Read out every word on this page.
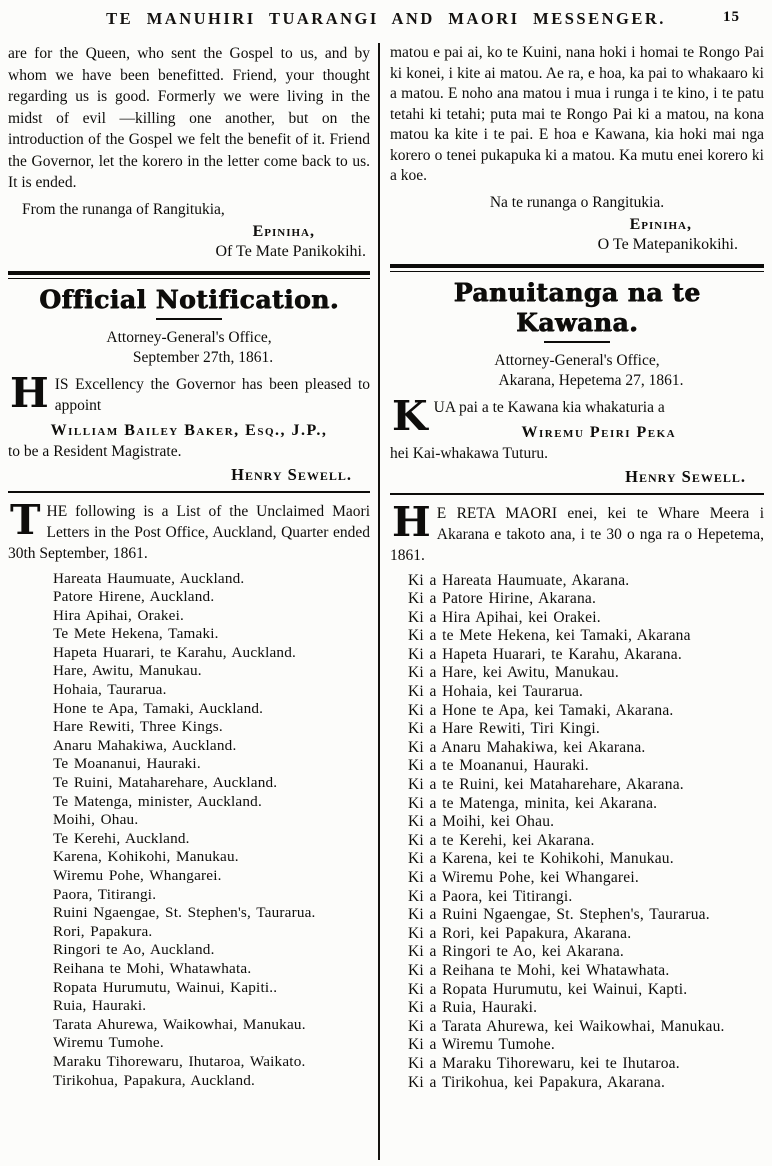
TE MANUHIRI TUARANGI AND MAORI MESSENGER.	15

are for the Queen, who sent the Gospel to us, and by whom we have been benefitted. Friend, your thought regarding us is good. Formerly we were living in the midst of evil —killing one another, but on the introduction of the Gospel we felt the benefit of it. Friend the Governor, let the korero in the letter come back to us. It is ended.

From the runanga of Rangitukia,

Epiniha,

Of Te Mate Panikokihi.

Official Notification.

Attorney-General's Office,

September 27th, 1861.

HIS Excellency the Governor has been pleased to appoint

William Bailey Baker, Esq., J.P.,

to be a Resident Magistrate.

Henry Sewell.

THE following is a List of the Unclaimed Maori Letters in the Post Office, Auckland, Quarter ended 30th September, 1861.

Hareata Haumuate, Auckland.
Patore Hirene, Auckland.
Hira Apihai, Orakei.
Te Mete Hekena, Tamaki.
Hapeta Huarari, te Karahu, Auckland.
Hare, Awitu, Manukau.
Hohaia, Taurarua.
Hone te Apa, Tamaki, Auckland.
Hare Rewiti, Three Kings.
Anaru Mahakiwa, Auckland.
Te Moananui, Hauraki.
Te Ruini, Mataharehare, Auckland.
Te Matenga, minister, Auckland.
Moihi, Ohau.
Te Kerehi, Auckland.
Karena, Kohikohi, Manukau.
Wiremu Pohe, Whangarei.
Paora, Titirangi.
Ruini Ngaengae, St. Stephen's, Taurarua.
Rori, Papakura.
Ringori te Ao, Auckland.
Reihana te Mohi, Whatawhata.
Ropata Hurumutu, Wainui, Kapiti..
Ruia, Hauraki.
Tarata Ahurewa, Waikowhai, Manukau.
Wiremu Tumohe.
Maraku Tihorewaru, Ihutaroa, Waikato.
Tirikohua, Papakura, Auckland.

matou e pai ai, ko te Kuini, nana hoki i homai te Rongo Pai ki konei, i kite ai matou. Ae ra, e hoa, ka pai to whakaaro ki a matou. E noho ana matou i mua i runga i te kino, i te patu tetahi ki tetahi; puta mai te Rongo Pai ki a matou, na kona matou ka kite i te pai. E hoa e Kawana, kia hoki mai nga korero o tenei pukapuka ki a matou. Ka mutu enei korero ki a koe.

Na te runanga o Rangitukia.

Epiniha,

O Te Matepanikokihi.

Panuitanga na te Kawana.

Attorney-General's Office,

Akarana, Hepetema 27, 1861.

KUA pai a te Kawana kia whakaturia a

Wiremu Peiri Peka

hei Kai-whakawa Tuturu.

Henry Sewell.

H E RETA MAORI enei, kei te Whare Meera i Akarana e takoto ana, i te 30 o nga ra o Hepetema, 1861.

Ki a Hareata Haumuate, Akarana.
Ki a Patore Hirine, Akarana.
Ki a Hira Apihai, kei Orakei.
Ki a te Mete Hekena, kei Tamaki, Akarana
Ki a Hapeta Huarari, te Karahu, Akarana.
Ki a Hare, kei Awitu, Manukau.
Ki a Hohaia, kei Taurarua.
Ki a Hone te Apa, kei Tamaki, Akarana.
Ki a Hare Rewiti, Tiri Kingi.
Ki a Anaru Mahakiwa, kei Akarana.
Ki a te Moananui, Hauraki.
Ki a te Ruini, kei Mataharehare, Akarana.
Ki a te Matenga, minita, kei Akarana.
Ki a Moihi, kei Ohau.
Ki a te Kerehi, kei Akarana.
Ki a Karena, kei te Kohikohi, Manukau.
Ki a Wiremu Pohe, kei Whangarei.
Ki a Paora, kei Titirangi.
Ki a Ruini Ngaengae, St. Stephen's, Taurarua.
Ki a Rori, kei Papakura, Akarana.
Ki a Ringori te Ao, kei Akarana.
Ki a Reihana te Mohi, kei Whatawhata.
Ki a Ropata Hurumutu, kei Wainui, Kapti.
Ki a Ruia, Hauraki.
Ki a Tarata Ahurewa, kei Waikowhai, Manukau.
Ki a Wiremu Tumohe.
Ki a Maraku Tihorewaru, kei te Ihutaroa.
Ki a Tirikohua, kei Papakura, Akarana.
